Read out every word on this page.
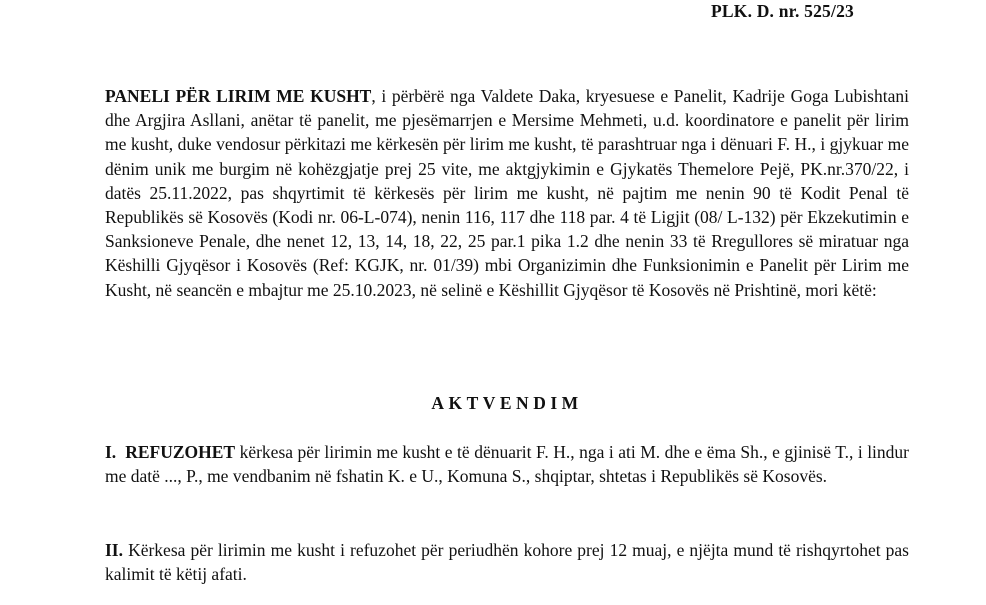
PLK. D. nr. 525/23

PANELI PËR LIRIM ME KUSHT, i përbërë nga Valdete Daka, kryesuese e Panelit, Kadrije Goga Lubishtani dhe Argjira Asllani, anëtar të panelit, me pjesëmarrjen e Mersime Mehmeti, u.d. koordinatore e panelit për lirim me kusht, duke vendosur përkitazi me kërkesën për lirim me kusht, të parashtruar nga i dënuari F. H., i gjykuar me dënim unik me burgim në kohëzgjatje prej 25 vite, me aktgjykimin e Gjykatës Themelore Pejë, PK.nr.370/22, i datës 25.11.2022, pas shqyrtimit të kërkesës për lirim me kusht, në pajtim me nenin 90 të Kodit Penal të Republikës së Kosovës (Kodi nr. 06-L-074), nenin 116, 117 dhe 118 par. 4 të Ligjit (08/ L-132) për Ekzekutimin e Sanksioneve Penale, dhe nenet 12, 13, 14, 18, 22, 25 par.1 pika 1.2 dhe nenin 33 të Rregullores së miratuar nga Këshilli Gjyqësor i Kosovës (Ref: KGJK, nr. 01/39) mbi Organizimin dhe Funksionimin e Panelit për Lirim me Kusht, në seancën e mbajtur me 25.10.2023, në selinë e Këshillit Gjyqësor të Kosovës në Prishtinë, mori këtë:

AKTVENDIM

I. REFUZOHET kërkesa për lirimin me kusht e të dënuarit F. H., nga i ati M. dhe e ëma Sh., e gjinisë T., i lindur me datë ..., P., me vendbanim në fshatin K. e U., Komuna S., shqiptar, shtetas i Republikës së Kosovës.

II. Kërkesa për lirimin me kusht i refuzohet për periudhën kohore prej 12 muaj, e njëjta mund të rishqyrtohet pas kalimit të këtij afati.
